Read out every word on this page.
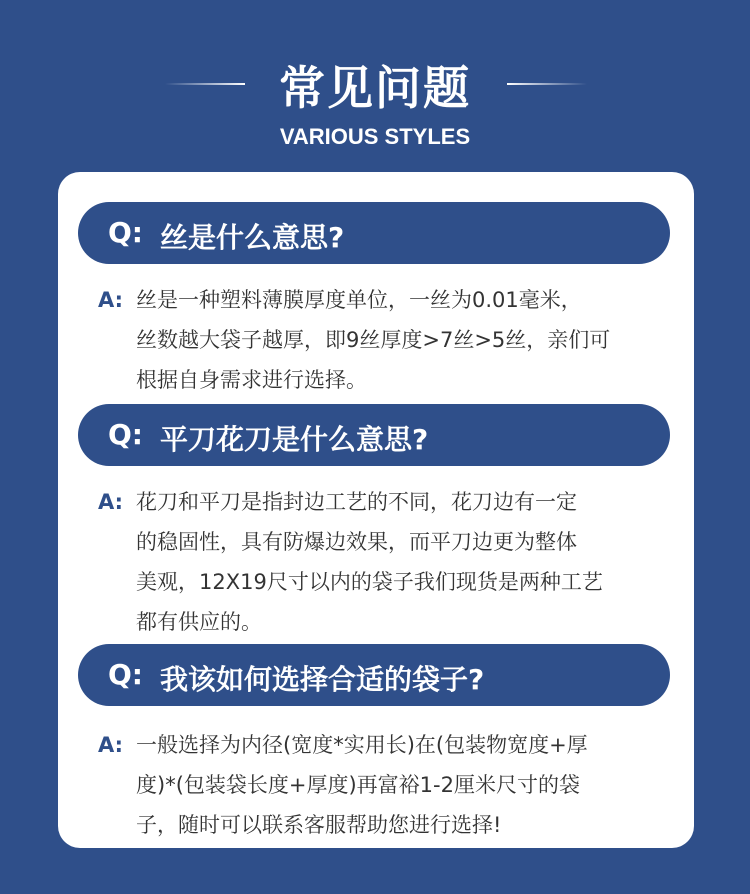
常见问题
VARIOUS STYLES
Q: 丝是什么意思?
A: 丝是一种塑料薄膜厚度单位，一丝为0.01毫米，
丝数越大袋子越厚，即9丝厚度>7丝>5丝，亲们可
根据自身需求进行选择。
Q: 平刀花刀是什么意思?
A: 花刀和平刀是指封边工艺的不同，花刀边有一定
的稳固性，具有防爆边效果，而平刀边更为整体
美观，12X19尺寸以内的袋子我们现货是两种工艺
都有供应的。
Q: 我该如何选择合适的袋子?
A: 一般选择为内径(宽度*实用长)在(包装物宽度+厚
度)*(包装袋长度+厚度)再富裕1-2厘米尺寸的袋
子，随时可以联系客服帮助您进行选择!
